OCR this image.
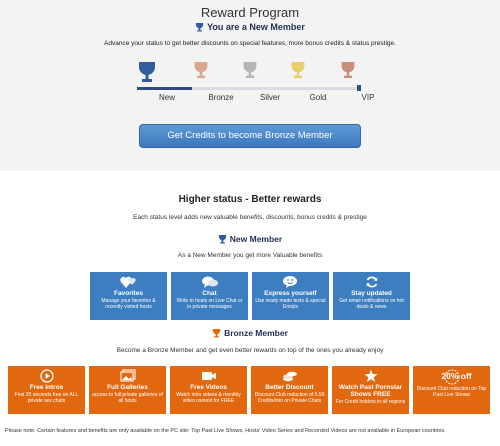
Reward Program
You are a New Member
Advance your status to get better discounts on special features, more bonus credits & status prestige.
New	Bronze	Silver	Gold	VIP
Get Credits to become Bronze Member
Higher status - Better rewards
Each status level adds new valuable benefits, discounts, bonus credits & prestige
New Member
As a New Member you get more Valuable benefits
Favorites
Manage your favorites & recently visited hosts
Chat
Write to hosts on Live Chat or in private messages
Express yourself
Use ready made texts & special Emojis
Stay updated
Get email notifications on hot deals & news
Bronze Member
Become a Bronze Member and get even better rewards on top of the ones you already enjoy
Free Intros
First 20 seconds free on ALL private sex chats
Full Galleries
access to full private galleries of all hosts
Free Videos
Watch intro videos & monthly video contest for FREE
Better Discount
Discount Club reduction of 0.50 Credits/min on Private Chats
Watch Past Pornstar Shows FREE
For Credit holders in all regions
20% off
Discount Club reduction on Top Past Live Shows
Please note: Certain features and benefits are only available on the PC site: Top Past Live Shows, Hosts' Video Series and Recorded Videos are not available in European countries.
